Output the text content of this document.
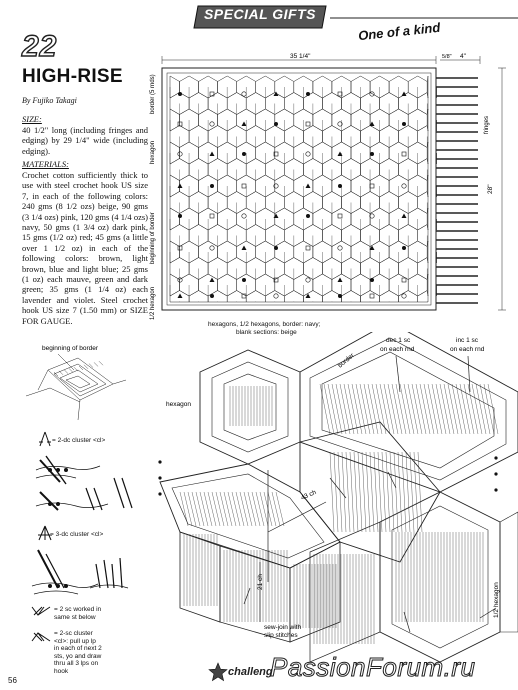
SPECIAL GIFTS
One of a kind
22
HIGH-RISE
By Fujiko Takagi
SIZE:
40 1/2" long (including fringes and edging) by 29 1/4" wide (including edging).
MATERIALS:
Crochet cotton sufficiently thick to use with steel crochet hook US size 7, in each of the following colors: 240 gms (8 1/2 ozs) beige, 90 gms (3 1/4 ozs) pink, 120 gms (4 1/4 ozs) navy, 50 gms (1 3/4 oz) dark pink, 15 gms (1/2 oz) red; 45 gms (a little over 1 1/2 oz) in each of the following colors: brown, light brown, blue and light blue; 25 gms (1 oz) each mauve, green and dark green; 35 gms (1 1/4 oz) each lavender and violet. Steel crochet hook US size 7 (1.50 mm) or SIZE FOR GAUGE.
35 1/4"	4"
5/8"
28"
border (5 rnds)
hexagon
beginning of border
1/2 hexagon
fringes
hexagons, 1/2 hexagons, border: navy;
blank sections: beige
beginning of border
= 2-dc cluster <cl>
= 3-dc cluster <cl>
= 2 sc worked in same st below
= 2-sc cluster <cl>: pull up lp in each of next 2 sts, yo and draw thru all 3 lps on hook
hexagon
border
dec 1 sc
on each rnd
inc 1 sc
on each rnd
43 ch
21 ch
1/2 hexagon
sew-join with
slip stitches
challeng
PassionForum.ru
56
